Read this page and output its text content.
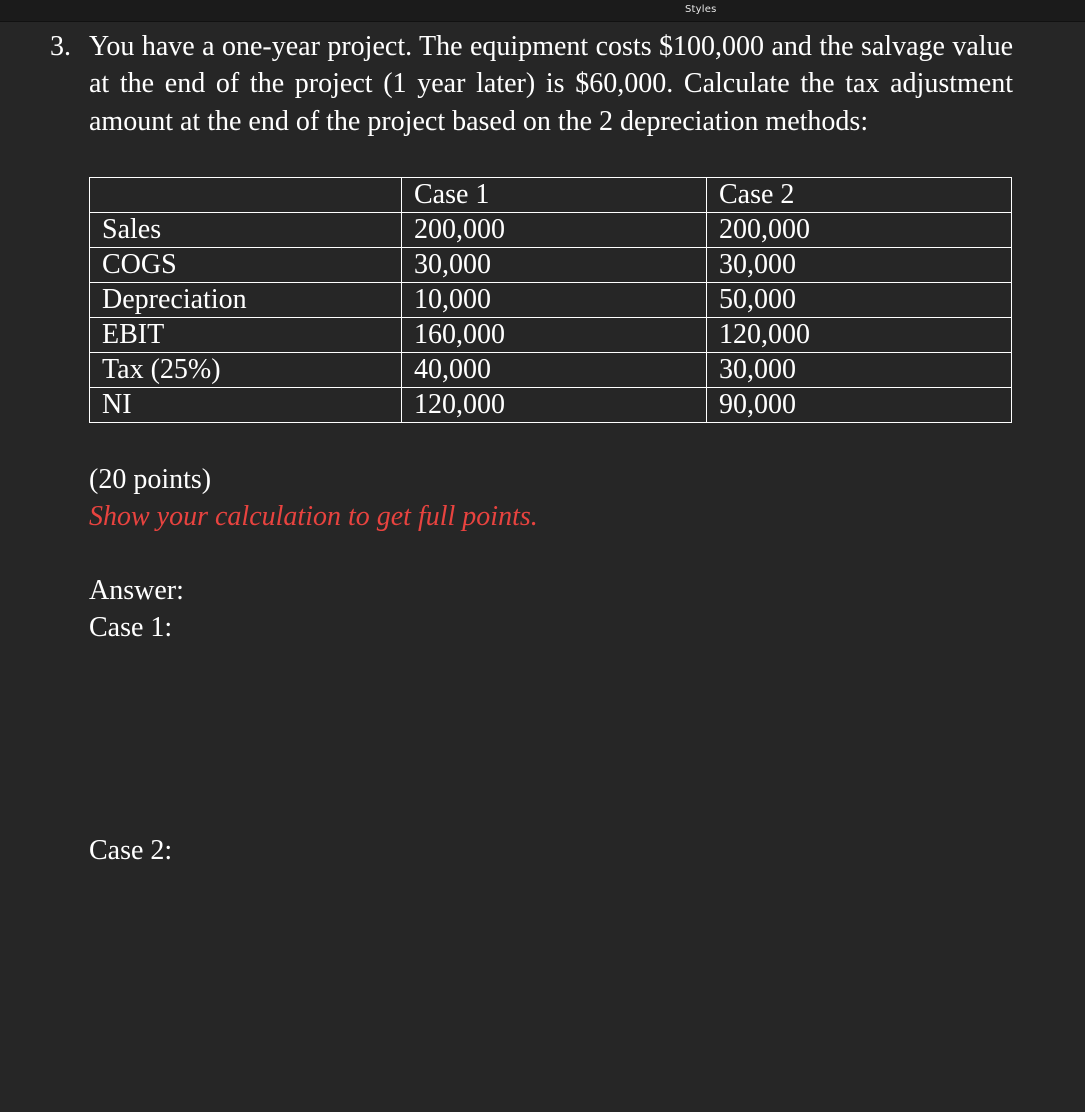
Styles
3. You have a one-year project. The equipment costs $100,000 and the salvage value at the end of the project (1 year later) is $60,000. Calculate the tax adjustment amount at the end of the project based on the 2 depreciation methods:
	Case 1	Case 2
Sales	200,000	200,000
COGS	30,000	30,000
Depreciation	10,000	50,000
EBIT	160,000	120,000
Tax (25%)	40,000	30,000
NI	120,000	90,000
(20 points)
Show your calculation to get full points.
Answer:
Case 1:
Case 2:
